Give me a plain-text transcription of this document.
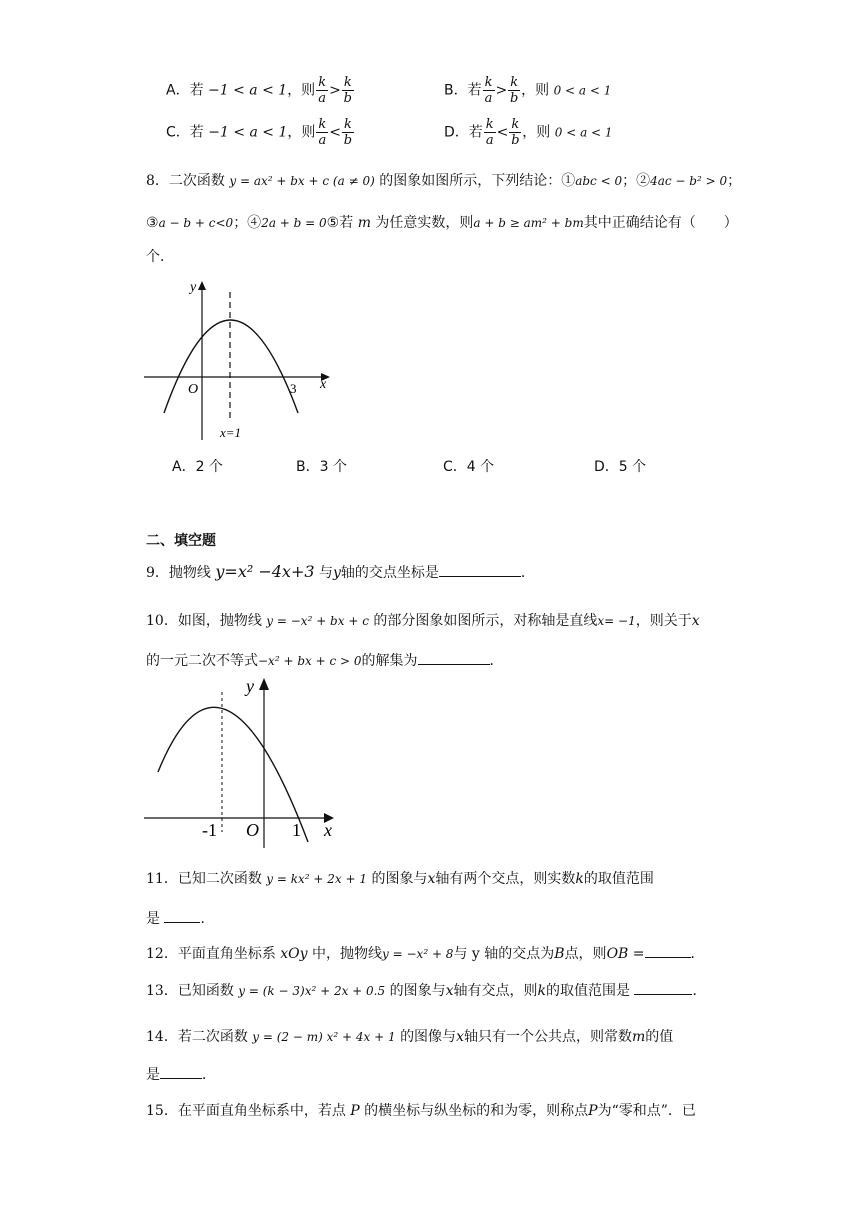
A．若 −1 < a < 1，则 $\frac{k}{a} > \frac{k}{b}$	B．若 $\frac{k}{a} > \frac{k}{b}$ ，则 0 < a < 1
C．若 −1 < a < 1，则 $\frac{k}{a} < \frac{k}{b}$	D．若 $\frac{k}{a} < \frac{k}{b}$ ，则 0 < a < 1
8．二次函数 y = ax² + bx + c (a ≠ 0) 的图象如图所示，下列结论：①abc < 0；②4ac − b² > 0；
③a − b + c<0；④2a + b = 0⑤若 m 为任意实数，则a + b ≥ am² + bm其中正确结论有（　　）
个．
y
x
O	3
x=1
A．2 个	B．3 个	C．4 个	D．5 个
二、填空题
9．抛物线 y=x² −4x+3 与y轴的交点坐标是	．
10．如图，抛物线 y = −x² + bx + c 的部分图象如图所示，对称轴是直线x= −1，则关于x
的一元二次不等式−x² + bx + c > 0的解集为	．
y
x
O
-1	1
11．已知二次函数 y = kx² + 2x + 1 的图象与x轴有两个交点，则实数k的取值范围
是	．
12．平面直角坐标系 xOy 中，抛物线y = −x² + 8与 y 轴的交点为B点，则OB =	．
13．已知函数 y = (k − 3)x² + 2x + 0.5 的图象与x轴有交点，则k的取值范围是	．
14．若二次函数 y = (2 − m) x² + 4x + 1 的图像与x轴只有一个公共点，则常数m的值
是	．
15．在平面直角坐标系中，若点 P 的横坐标与纵坐标的和为零，则称点P为“零和点”．已
